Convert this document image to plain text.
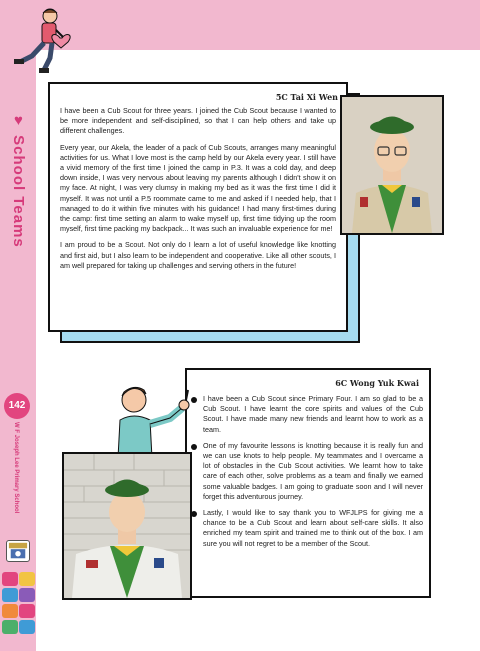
♥ School Teams
142
W F Joseph Lee Primary School
5C Tai Xi Wen

I have been a Cub Scout for three years. I joined the Cub Scout because I wanted to be more independent and self-disciplined, so that I can help others and take up different challenges.

Every year, our Akela, the leader of a pack of Cub Scouts, arranges many meaningful activities for us. What I love most is the camp held by our Akela every year. I still have a vivid memory of the first time I joined the camp in P.3. It was a cold day, and deep down inside, I was very nervous about leaving my parents although I didn't show it on my face. At night, I was very clumsy in making my bed as it was the first time I did it myself. It was not until a P.5 roommate came to me and asked if I needed help, that I managed to do it within five minutes with his guidance! I had many first-times during the camp: first time setting an alarm to wake myself up, first time tidying up the room myself, first time packing my backpack... It was such an invaluable experience for me!

I am proud to be a Scout. Not only do I learn a lot of useful knowledge like knotting and first aid, but I also learn to be independent and cooperative. Like all other scouts, I am well prepared for taking up challenges and serving others in the future!

6C Wong Yuk Kwai

I have been a Cub Scout since Primary Four. I am so glad to be a Cub Scout. I have learnt the core spirits and values of the Cub Scout. I have made many new friends and learnt how to work as a team.

One of my favourite lessons is knotting because it is really fun and we can use knots to help people. My teammates and I overcame a lot of obstacles in the Cub Scout activities. We learnt how to take care of each other, solve problems as a team and finally we earned some valuable badges. I am going to graduate soon and I will never forget this adventurous journey.

Lastly, I would like to say thank you to WFJLPS for giving me a chance to be a Cub Scout and learn about self-care skills. It also enriched my team spirit and trained me to think out of the box. I am sure you will not regret to be a member of the Scout.
